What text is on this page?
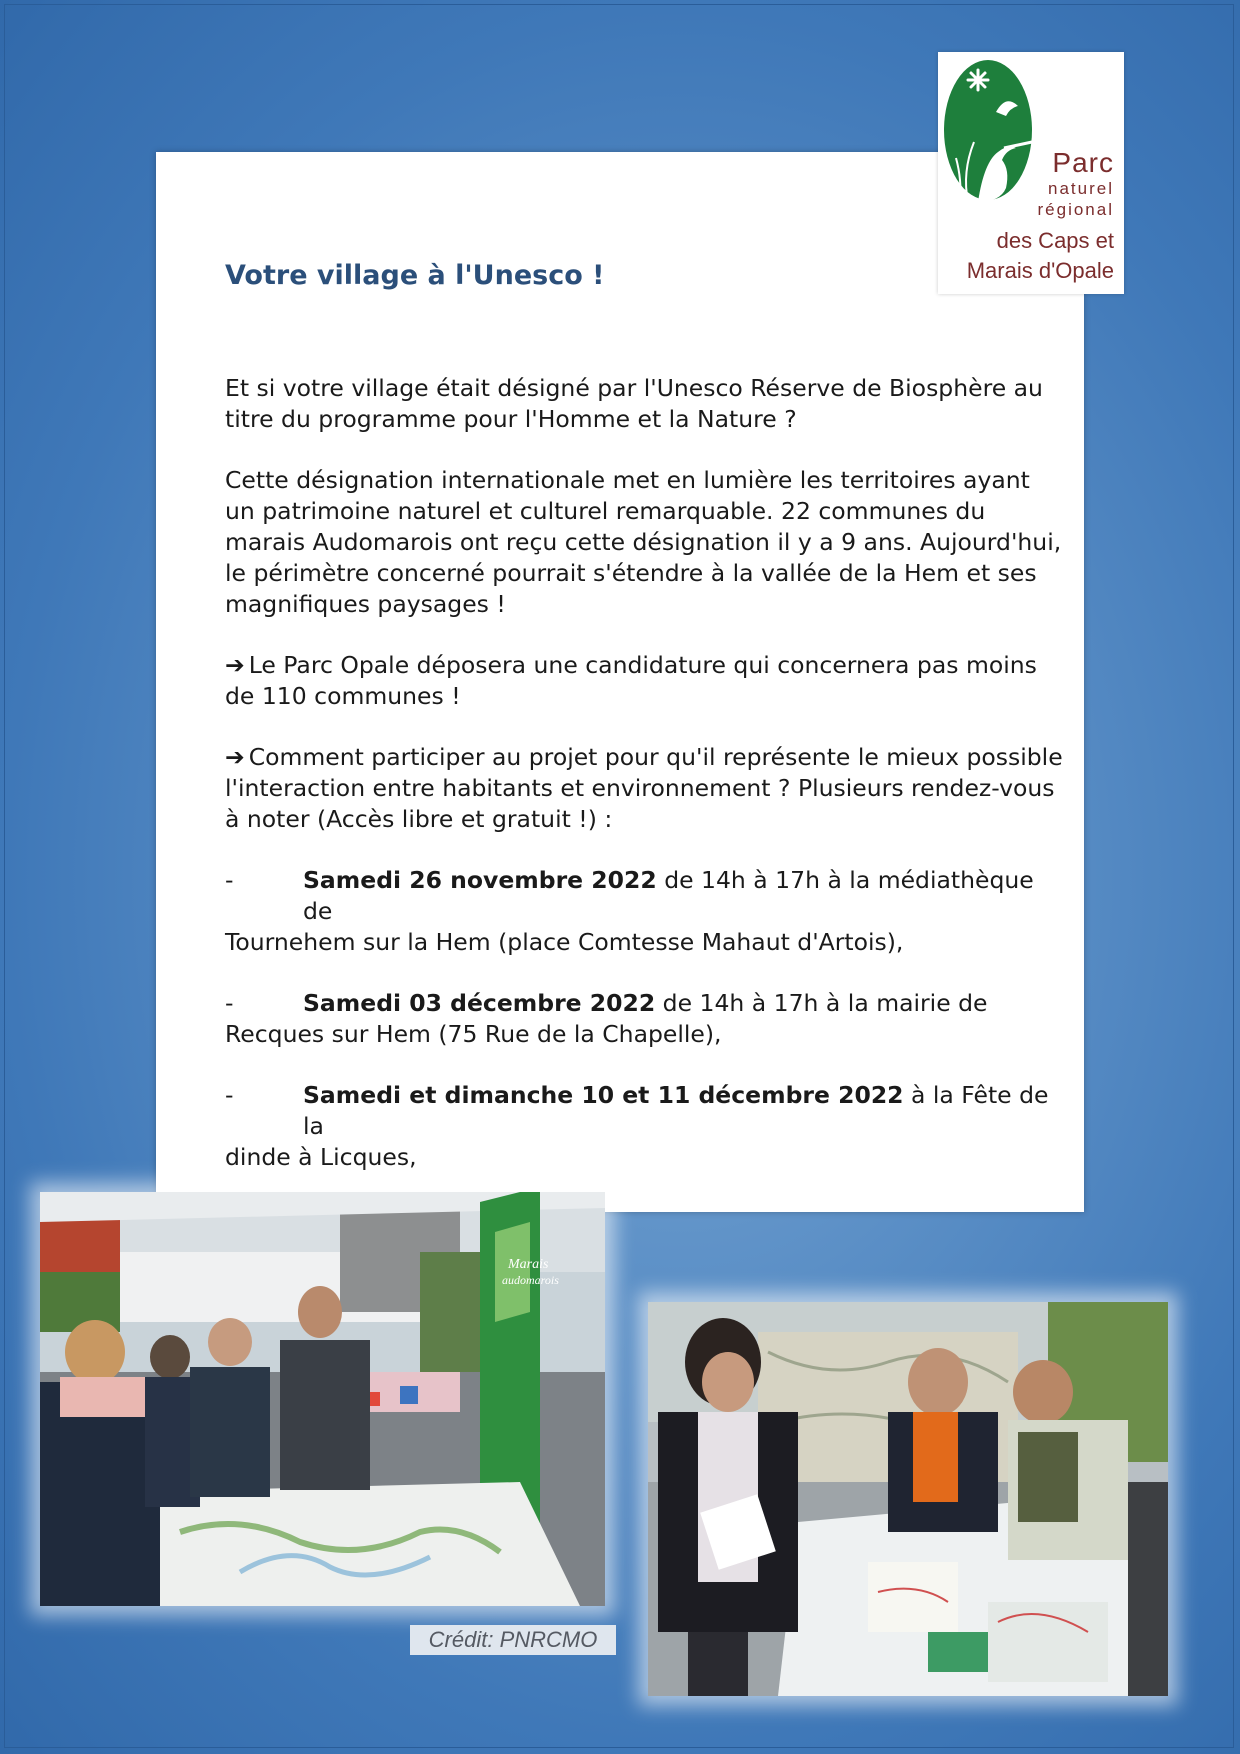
Parc
naturel
régional
des Caps et
Marais d'Opale
Votre village à l'Unesco !

Et si votre village était désigné par l'Unesco Réserve de Biosphère au titre du programme pour l'Homme et la Nature ?

Cette désignation internationale met en lumière les territoires ayant un patrimoine naturel et culturel remarquable. 22 communes du marais Audomarois ont reçu cette désignation il y a 9 ans. Aujourd'hui, le périmètre concerné pourrait s'étendre à la vallée de la Hem et ses magnifiques paysages !

➔ Le Parc Opale déposera une candidature qui concernera pas moins de 110 communes !

➔ Comment participer au projet pour qu'il représente le mieux possible l'interaction entre habitants et environnement ? Plusieurs rendez-vous à noter (Accès libre et gratuit !) :

-	Samedi 26 novembre 2022 de 14h à 17h à la médiathèque de
Tournehem sur la Hem (place Comtesse Mahaut d'Artois),
-	Samedi 03 décembre 2022 de 14h à 17h à la mairie de
Recques sur Hem (75 Rue de la Chapelle),
-	Samedi et dimanche 10 et 11 décembre 2022 à la Fête de la
dinde à Licques,
Marais
audomarois
Crédit: PNRCMO
